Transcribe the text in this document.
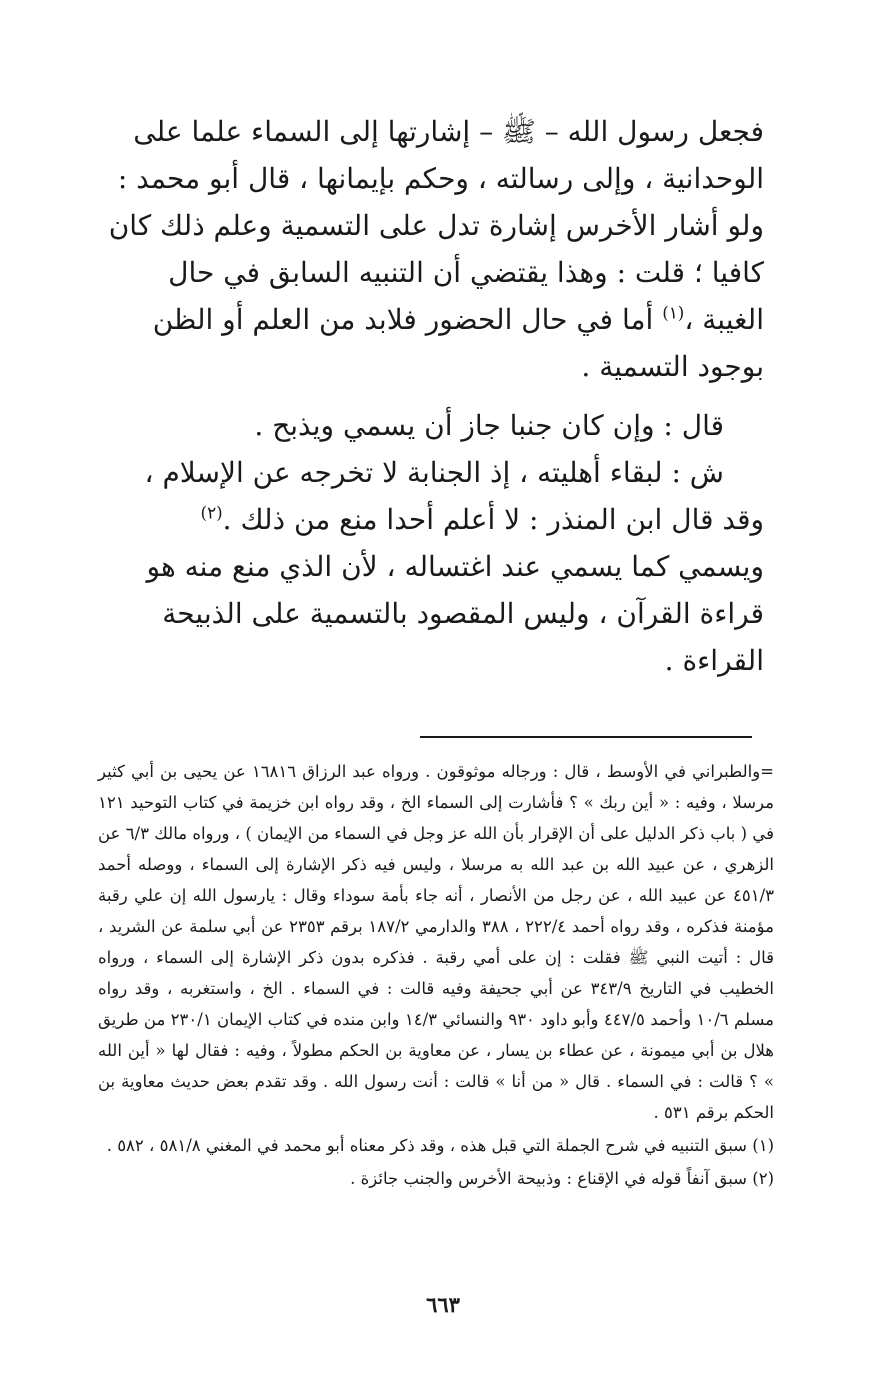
فجعل رسول الله – ﷺ – إشارتها إلى السماء علما على

الوحدانية ، وإلى رسالته ، وحكم بإيمانها ، قال أبو محمد :

ولو أشار الأخرس إشارة تدل على التسمية وعلم ذلك كان

كافيا ؛ قلت : وهذا يقتضي أن التنبيه السابق في حال

الغيبة ،$^{(١)}$ أما في حال الحضور فلابد من العلم أو الظن

بوجود التسمية .

قال : وإن كان جنبا جاز أن يسمي ويذبح .

ش : لبقاء أهليته ، إذ الجنابة لا تخرجه عن الإسلام ،

وقد قال ابن المنذر : لا أعلم أحدا منع من ذلك .$^{(٢)}$

ويسمي كما يسمي عند اغتساله ، لأن الذي منع منه هو

قراءة القرآن ، وليس المقصود بالتسمية على الذبيحة

القراءة .

=والطبراني في الأوسط ، قال : ورجاله موثوقون . ورواه عبد الرزاق ١٦٨١٦ عن يحيى بن أبي كثير مرسلا ، وفيه : « أين ربك » ؟ فأشارت إلى السماء الخ ، وقد رواه ابن خزيمة في كتاب التوحيد ١٢١ في ( باب ذكر الدليل على أن الإقرار بأن الله عز وجل في السماء من الإيمان ) ، ورواه مالك ٦/٣ عن الزهري ، عن عبيد الله بن عبد الله به مرسلا ، وليس فيه ذكر الإشارة إلى السماء ، ووصله أحمد ٤٥١/٣ عن عبيد الله ، عن رجل من الأنصار ، أنه جاء بأمة سوداء وقال : يارسول الله إن علي رقبة مؤمنة فذكره ، وقد رواه أحمد ٢٢٢/٤ ، ٣٨٨ والدارمي ١٨٧/٢ برقم ٢٣٥٣ عن أبي سلمة عن الشريد ، قال : أتيت النبي ﷺ فقلت : إن على أمي رقبة . فذكره بدون ذكر الإشارة إلى السماء ، ورواه الخطيب في التاريخ ٣٤٣/٩ عن أبي جحيفة وفيه قالت : في السماء . الخ ، واستغربه ، وقد رواه مسلم ١٠/٦ وأحمد ٤٤٧/٥ وأبو داود ٩٣٠ والنسائي ١٤/٣ وابن منده في كتاب الإيمان ٢٣٠/١ من طريق هلال بن أبي ميمونة ، عن عطاء بن يسار ، عن معاوية بن الحكم مطولاً ، وفيه : فقال لها « أين الله » ؟ قالت : في السماء . قال « من أنا » قالت : أنت رسول الله . وقد تقدم بعض حديث معاوية بن الحكم برقم ٥٣١ .

(١) سبق التنبيه في شرح الجملة التي قبل هذه ، وقد ذكر معناه أبو محمد في المغني ٥٨١/٨ ، ٥٨٢ .

(٢) سبق آنفاً قوله في الإقناع : وذبيحة الأخرس والجنب جائزة .

٦٦٣
